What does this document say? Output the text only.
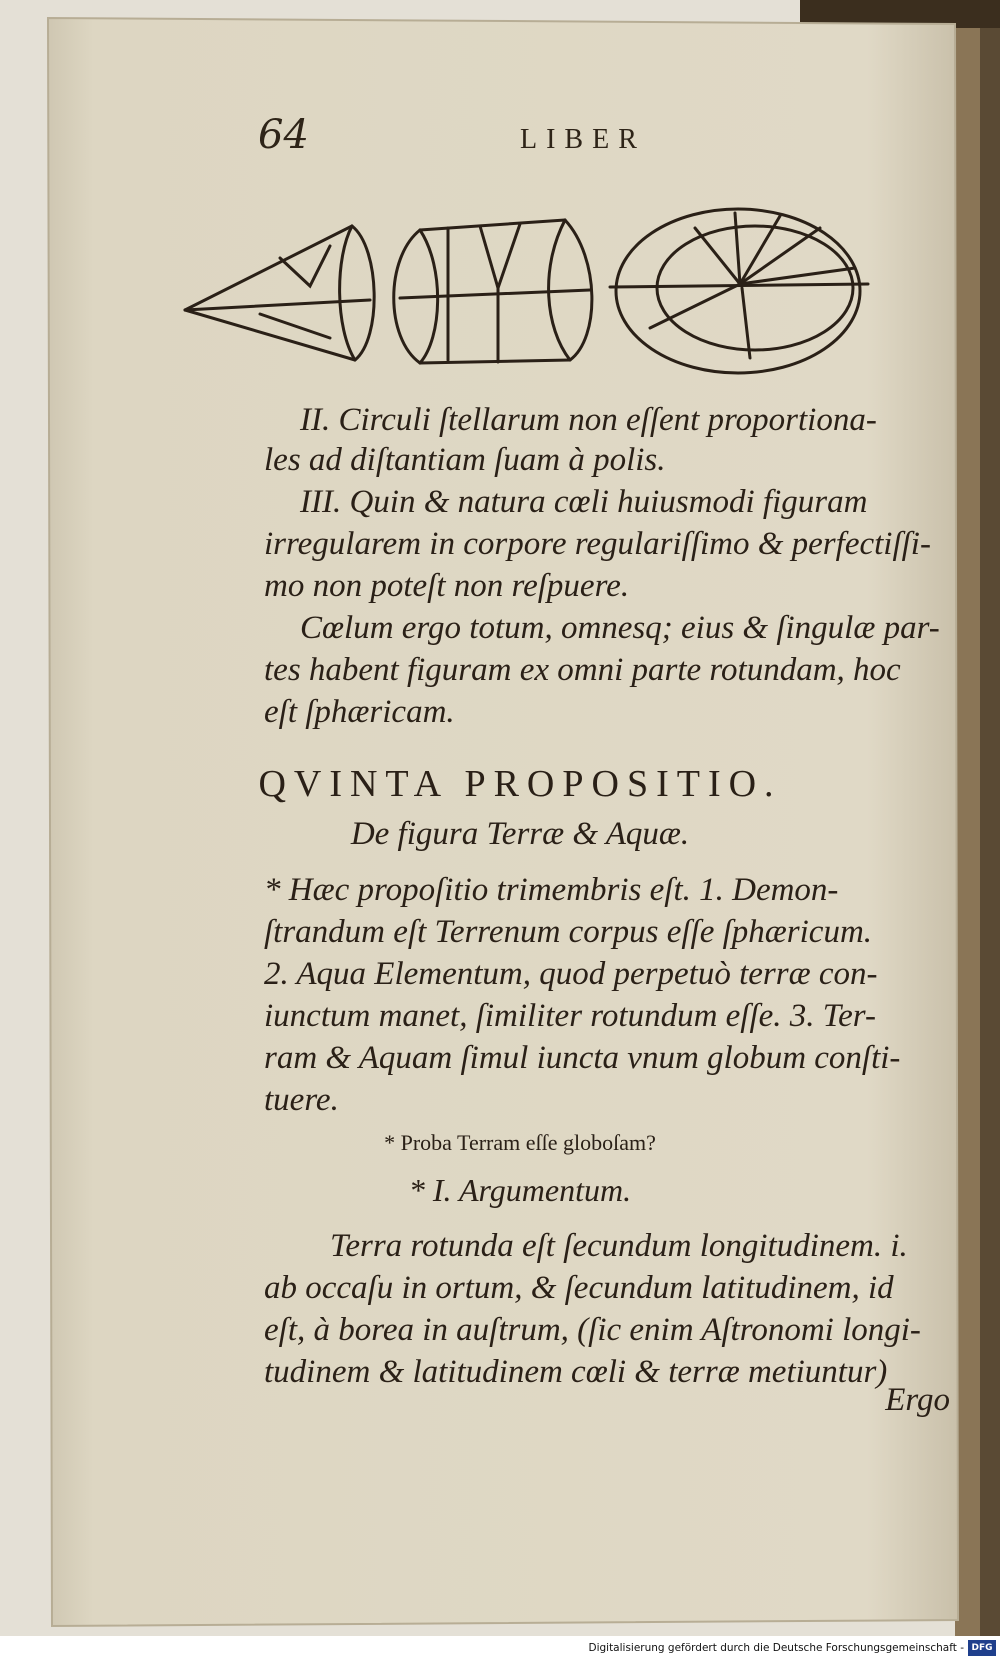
64	LIBER
II. Circuli ſtellarum non eſſent proportiona-
les ad diſtantiam ſuam à polis.
III. Quin & natura cœli huiusmodi figuram
irregularem in corpore regulariſſimo & perfectiſſi-
mo non poteſt non reſpuere.
Cœlum ergo totum, omnesq; eius & ſingulæ par-
tes habent figuram ex omni parte rotundam, hoc
eſt ſphæricam.
QVINTA PROPOSITIO.
De figura Terræ & Aquæ.
* Hæc propoſitio trimembris eſt. 1. Demon-
ſtrandum eſt Terrenum corpus eſſe ſphæricum.
2. Aqua Elementum, quod perpetuò terræ con-
iunctum manet, ſimiliter rotundum eſſe. 3. Ter-
ram & Aquam ſimul iuncta vnum globum conſti-
tuere.
* Proba Terram eſſe globoſam?
* I. Argumentum.
Terra rotunda eſt ſecundum longitudinem. i.
ab occaſu in ortum, & ſecundum latitudinem, id
eſt, à borea in auſtrum, (ſic enim Aſtronomi longi-
tudinem & latitudinem cœli & terræ metiuntur)
Ergo
Digitalisierung gefördert durch die Deutsche Forschungsgemeinschaft - DFG
